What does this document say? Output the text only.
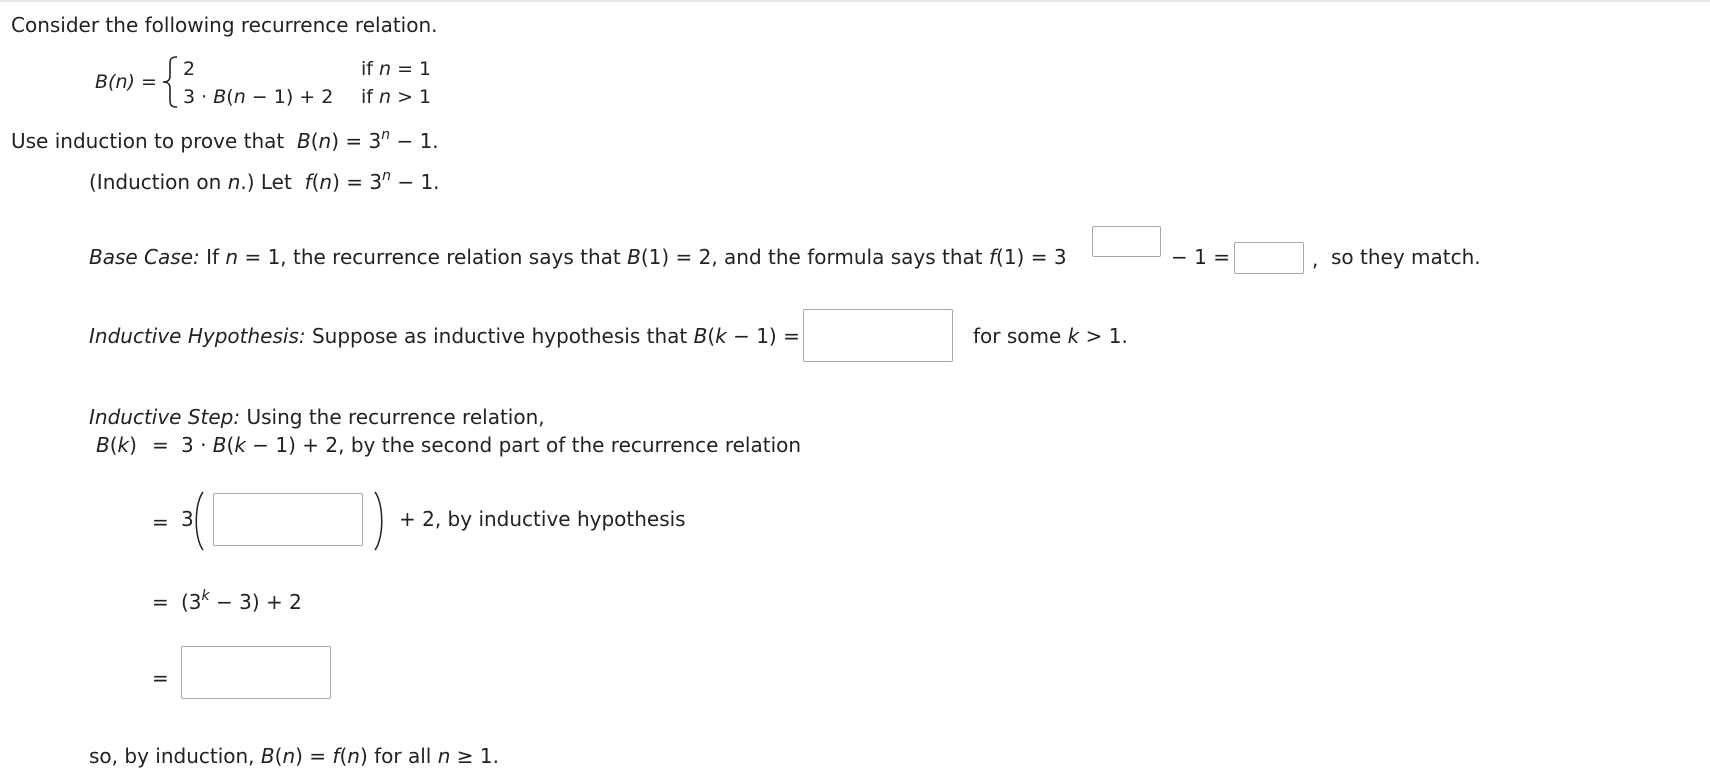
Consider the following recurrence relation.
B(n) =
2	if n = 1
3 · B(n − 1) + 2 if n > 1
Use induction to prove that $B(n) = 3^n - 1$.
(Induction on n.) Let $f(n) = 3^n - 1$.
Base Case: If n = 1, the recurrence relation says that B(1) = 2, and the formula says that f(1) = 3	− 1 =	, so they match.
Inductive Hypothesis: Suppose as inductive hypothesis that B(k − 1) =	for some k > 1.
Inductive Step: Using the recurrence relation,
B(k) = 3 · B(k − 1) + 2, by the second part of the recurrence relation
= 3	+ 2, by inductive hypothesis
= $(3^k - 3) + 2$
=
so, by induction, B(n) = f(n) for all n ≥ 1.
